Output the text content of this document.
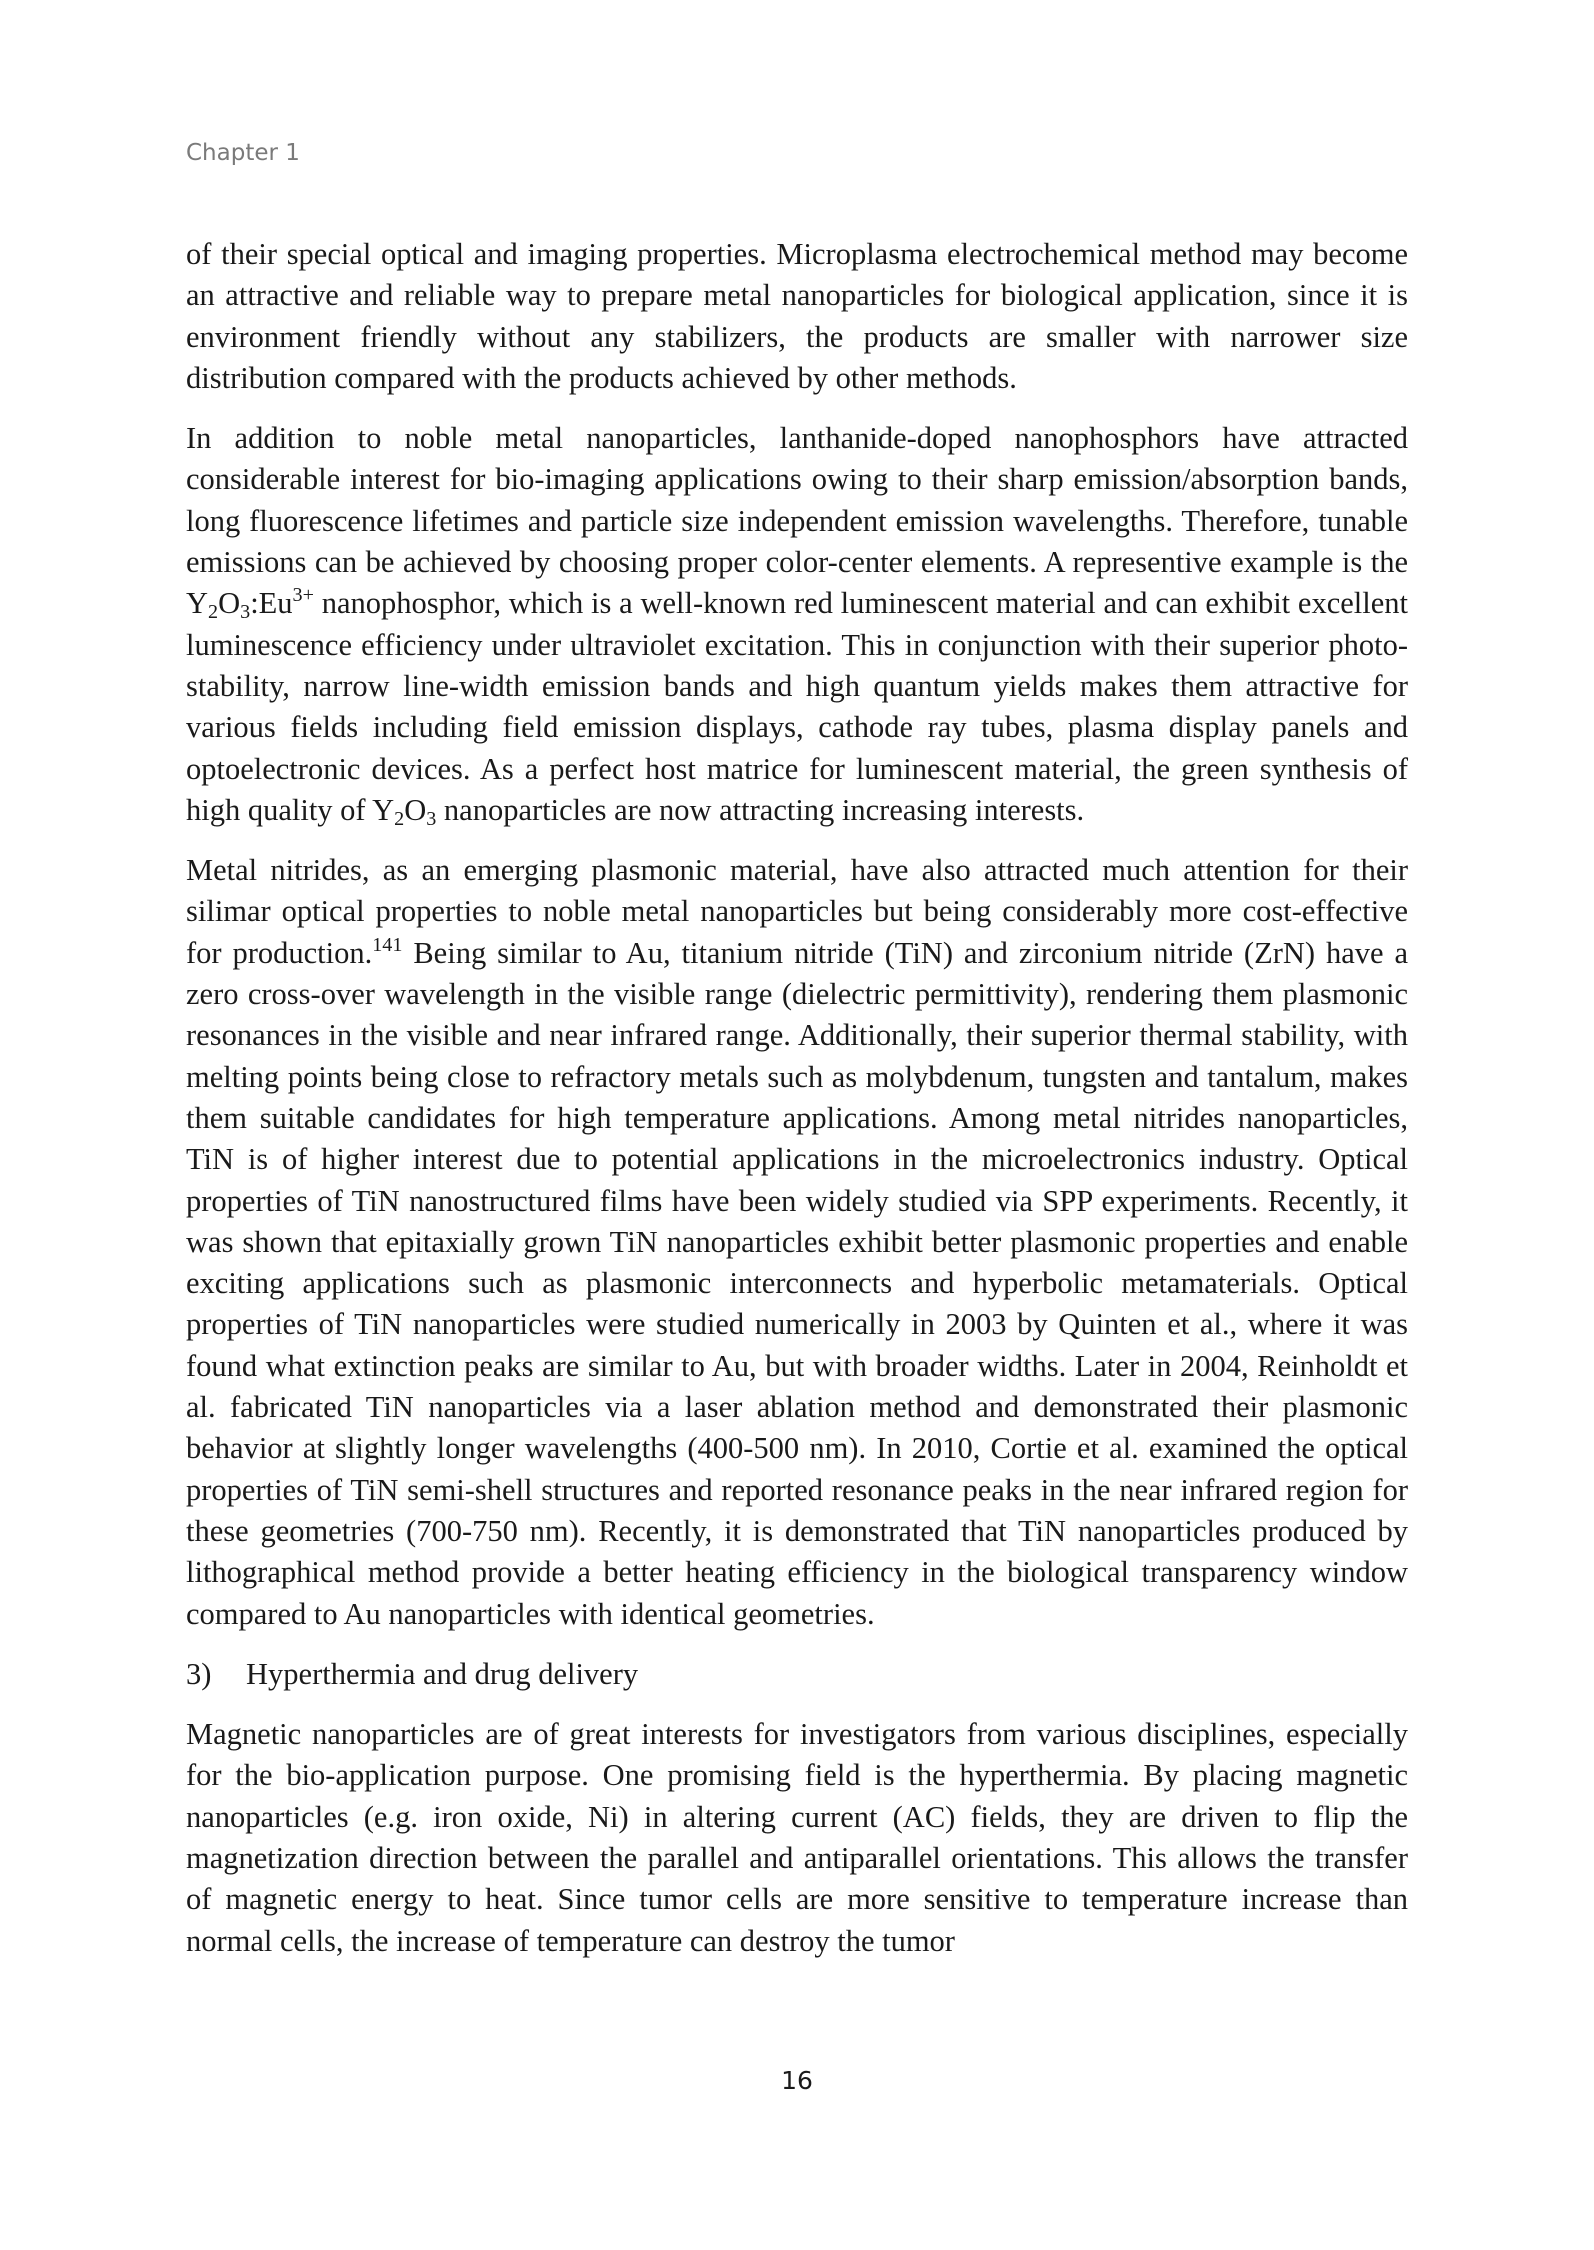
Chapter 1

of their special optical and imaging properties. Microplasma electrochemical method may become an attractive and reliable way to prepare metal nanoparticles for biological application, since it is environment friendly without any stabilizers, the products are smaller with narrower size distribution compared with the products achieved by other methods.

In addition to noble metal nanoparticles, lanthanide-doped nanophosphors have attracted considerable interest for bio-imaging applications owing to their sharp emission/absorption bands, long fluorescence lifetimes and particle size independent emission wavelengths. Therefore, tunable emissions can be achieved by choosing proper color-center elements. A representive example is the $Y_2O_3:Eu^{3+}$ nanophosphor, which is a well-known red luminescent material and can exhibit excellent luminescence efficiency under ultraviolet excitation. This in conjunction with their superior photo-stability, narrow line-width emission bands and high quantum yields makes them attractive for various fields including field emission displays, cathode ray tubes, plasma display panels and optoelectronic devices. As a perfect host matrice for luminescent material, the green synthesis of high quality of $Y_2O_3$ nanoparticles are now attracting increasing interests.

Metal nitrides, as an emerging plasmonic material, have also attracted much attention for their silimar optical properties to noble metal nanoparticles but being considerably more cost-effective for production.$^{141}$ Being similar to Au, titanium nitride (TiN) and zirconium nitride (ZrN) have a zero cross-over wavelength in the visible range (dielectric permittivity), rendering them plasmonic resonances in the visible and near infrared range. Additionally, their superior thermal stability, with melting points being close to refractory metals such as molybdenum, tungsten and tantalum, makes them suitable candidates for high temperature applications. Among metal nitrides nanoparticles, TiN is of higher interest due to potential applications in the microelectronics industry. Optical properties of TiN nanostructured films have been widely studied via SPP experiments. Recently, it was shown that epitaxially grown TiN nanoparticles exhibit better plasmonic properties and enable exciting applications such as plasmonic interconnects and hyperbolic metamaterials. Optical properties of TiN nanoparticles were studied numerically in 2003 by Quinten et al., where it was found what extinction peaks are similar to Au, but with broader widths. Later in 2004, Reinholdt et al. fabricated TiN nanoparticles via a laser ablation method and demonstrated their plasmonic behavior at slightly longer wavelengths (400-500 nm). In 2010, Cortie et al. examined the optical properties of TiN semi-shell structures and reported resonance peaks in the near infrared region for these geometries (700-750 nm). Recently, it is demonstrated that TiN nanoparticles produced by lithographical method provide a better heating efficiency in the biological transparency window compared to Au nanoparticles with identical geometries.

3) Hyperthermia and drug delivery

Magnetic nanoparticles are of great interests for investigators from various disciplines, especially for the bio-application purpose. One promising field is the hyperthermia. By placing magnetic nanoparticles (e.g. iron oxide, Ni) in altering current (AC) fields, they are driven to flip the magnetization direction between the parallel and antiparallel orientations. This allows the transfer of magnetic energy to heat. Since tumor cells are more sensitive to temperature increase than normal cells, the increase of temperature can destroy the tumor

16
